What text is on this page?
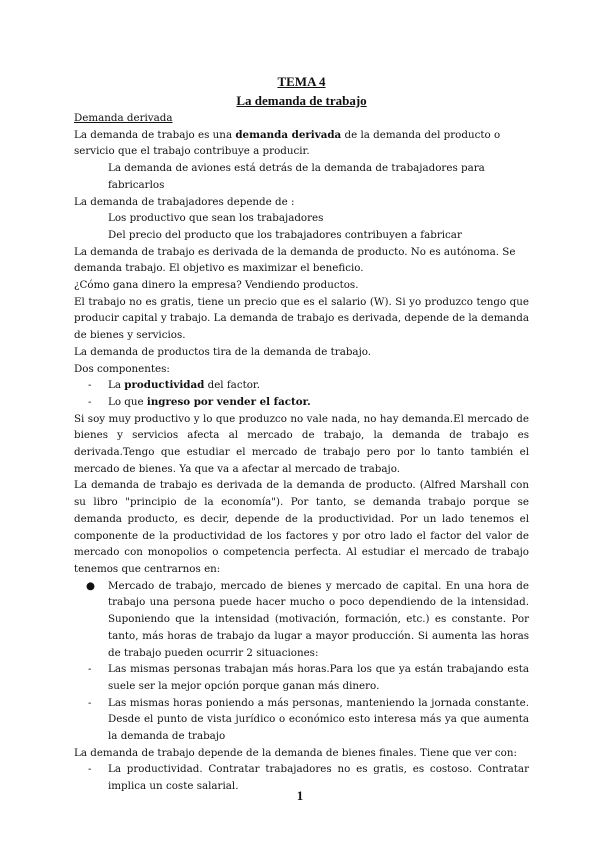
TEMA 4
La demanda de trabajo
Demanda derivada
La demanda de trabajo es una demanda derivada de la demanda del producto o servicio que el trabajo contribuye a producir.
La demanda de aviones está detrás de la demanda de trabajadores para fabricarlos
La demanda de trabajadores depende de :
Los productivo que sean los trabajadores
Del precio del producto que los trabajadores contribuyen a fabricar
La demanda de trabajo es derivada de la demanda de producto. No es autónoma. Se demanda trabajo. El objetivo es maximizar el beneficio.
¿Cómo gana dinero la empresa? Vendiendo productos.
El trabajo no es gratis, tiene un precio que es el salario (W). Si yo produzco tengo que producir capital y trabajo. La demanda de trabajo es derivada, depende de la demanda de bienes y servicios.
La demanda de productos tira de la demanda de trabajo.
Dos componentes:
- La productividad del factor.
- Lo que ingreso por vender el factor.
Si soy muy productivo y lo que produzco no vale nada, no hay demanda.El mercado de bienes y servicios afecta al mercado de trabajo, la demanda de trabajo es derivada.Tengo que estudiar el mercado de trabajo pero por lo tanto también el mercado de bienes. Ya que va a afectar al mercado de trabajo.
La demanda de trabajo es derivada de la demanda de producto. (Alfred Marshall con su libro "principio de la economía"). Por tanto, se demanda trabajo porque se demanda producto, es decir, depende de la productividad. Por un lado tenemos el componente de la productividad de los factores y por otro lado el factor del valor de mercado con monopolios o competencia perfecta. Al estudiar el mercado de trabajo tenemos que centrarnos en:
● Mercado de trabajo, mercado de bienes y mercado de capital. En una hora de trabajo una persona puede hacer mucho o poco dependiendo de la intensidad. Suponiendo que la intensidad (motivación, formación, etc.) es constante. Por tanto, más horas de trabajo da lugar a mayor producción. Si aumenta las horas de trabajo pueden ocurrir 2 situaciones:
- Las mismas personas trabajan más horas.Para los que ya están trabajando esta suele ser la mejor opción porque ganan más dinero.
- Las mismas horas poniendo a más personas, manteniendo la jornada constante. Desde el punto de vista jurídico o económico esto interesa más ya que aumenta la demanda de trabajo
La demanda de trabajo depende de la demanda de bienes finales. Tiene que ver con:
- La productividad. Contratar trabajadores no es gratis, es costoso. Contratar implica un coste salarial.
1
